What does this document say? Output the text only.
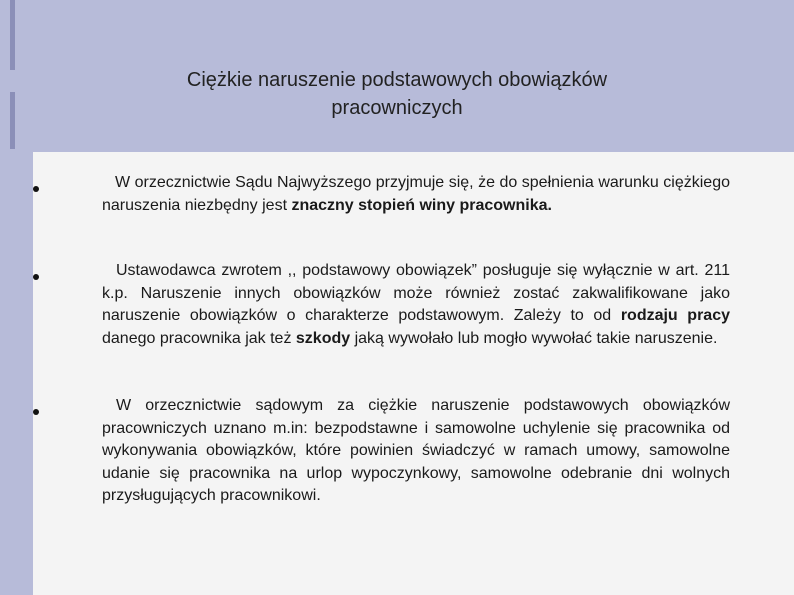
Ciężkie naruszenie podstawowych obowiązków
pracowniczych

W orzecznictwie Sądu Najwyższego przyjmuje się, że do spełnienia warunku ciężkiego naruszenia niezbędny jest znaczny stopień winy pracownika.

Ustawodawca zwrotem ,, podstawowy obowiązek” posługuje się wyłącznie w art. 211 k.p. Naruszenie innych obowiązków może również zostać zakwalifikowane jako naruszenie obowiązków o charakterze podstawowym. Zależy to od rodzaju pracy danego pracownika jak też szkody jaką wywołało lub mogło wywołać takie naruszenie.

W orzecznictwie sądowym za ciężkie naruszenie podstawowych obowiązków pracowniczych uznano m.in: bezpodstawne i samowolne uchylenie się pracownika od wykonywania obowiązków, które powinien świadczyć w ramach umowy, samowolne udanie się pracownika na urlop wypoczynkowy, samowolne odebranie dni wolnych przysługujących pracownikowi.
